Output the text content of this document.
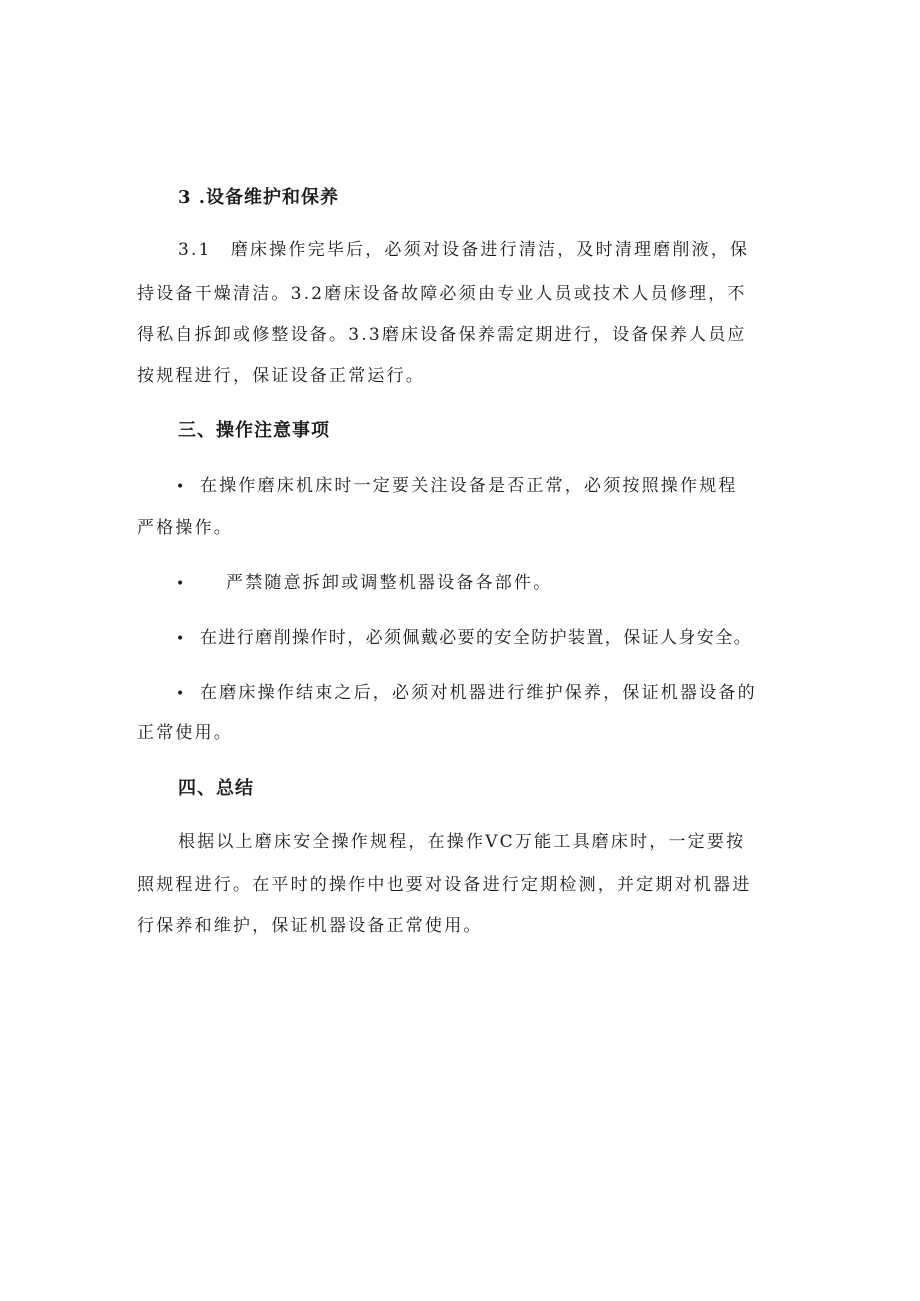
3 .设备维护和保养
3.1　磨床操作完毕后，必须对设备进行清洁，及时清理磨削液，保
持设备干燥清洁。3.2磨床设备故障必须由专业人员或技术人员修理，不
得私自拆卸或修整设备。3.3磨床设备保养需定期进行，设备保养人员应
按规程进行，保证设备正常运行。
三、操作注意事项
• 在操作磨床机床时一定要关注设备是否正常，必须按照操作规程
严格操作。
• 严禁随意拆卸或调整机器设备各部件。
• 在进行磨削操作时，必须佩戴必要的安全防护装置，保证人身安全。
• 在磨床操作结束之后，必须对机器进行维护保养，保证机器设备的
正常使用。
四、总结
根据以上磨床安全操作规程，在操作VC万能工具磨床时，一定要按
照规程进行。在平时的操作中也要对设备进行定期检测，并定期对机器进
行保养和维护，保证机器设备正常使用。
